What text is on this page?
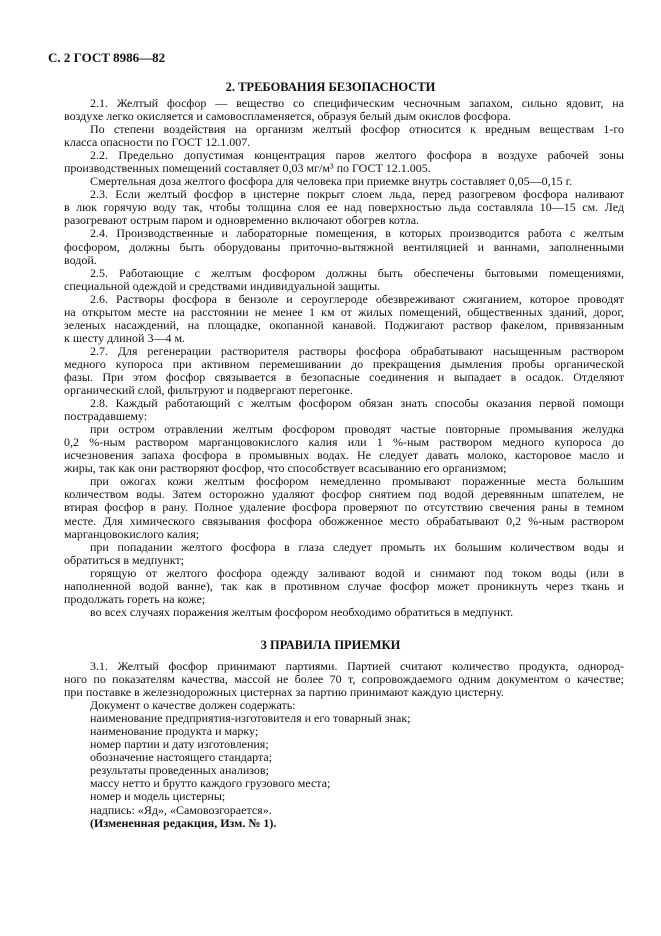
С. 2 ГОСТ 8986—82
2. ТРЕБОВАНИЯ БЕЗОПАСНОСТИ
2.1. Желтый фосфор — вещество со специфическим чесночным запахом, сильно ядовит, на
воздухе легко окисляется и самовоспламеняется, образуя белый дым окислов фосфора.
По степени воздействия на организм желтый фосфор относится к вредным веществам 1-го
класса опасности по ГОСТ 12.1.007.
2.2. Предельно допустимая концентрация паров желтого фосфора в воздухе рабочей зоны
производственных помещений составляет 0,03 мг/м³ по ГОСТ 12.1.005.
Смертельная доза желтого фосфора для человека при приемке внутрь составляет 0,05—0,15 г.
2.3. Если желтый фосфор в цистерне покрыт слоем льда, перед разогревом фосфора наливают
в люк горячую воду так, чтобы толщина слоя ее над поверхностью льда составляла 10—15 см. Лед
разогревают острым паром и одновременно включают обогрев котла.
2.4. Производственные и лабораторные помещения, в которых производится работа с желтым
фосфором, должны быть оборудованы приточно-вытяжной вентиляцией и ваннами, заполненными
водой.
2.5. Работающие с желтым фосфором должны быть обеспечены бытовыми помещениями,
специальной одеждой и средствами индивидуальной защиты.
2.6. Растворы фосфора в бензоле и сероуглероде обезвреживают сжиганием, которое проводят
на открытом месте на расстоянии не менее 1 км от жилых помещений, общественных зданий, дорог,
зеленых насаждений, на площадке, окопанной канавой. Поджигают раствор факелом, привязанным
к шесту длиной 3—4 м.
2.7. Для регенерации растворителя растворы фосфора обрабатывают насыщенным раствором
медного купороса при активном перемешивании до прекращения дымления пробы органической
фазы. При этом фосфор связывается в безопасные соединения и выпадает в осадок. Отделяют
органический слой, фильтруют и подвергают перегонке.
2.8. Каждый работающий с желтым фосфором обязан знать способы оказания первой помощи
пострадавшему:
при остром отравлении желтым фосфором проводят частые повторные промывания желудка
0,2 %-ным раствором марганцовокислого калия или 1 %-ным раствором медного купороса до
исчезновения запаха фосфора в промывных водах. Не следует давать молоко, касторовое масло и
жиры, так как они растворяют фосфор, что способствует всасыванию его организмом;
при ожогах кожи желтым фосфором немедленно промывают пораженные места большим
количеством воды. Затем осторожно удаляют фосфор снятием под водой деревянным шпателем, не
втирая фосфор в рану. Полное удаление фосфора проверяют по отсутствию свечения раны в темном
месте. Для химического связывания фосфора обожженное место обрабатывают 0,2 %-ным раствором
марганцовокислого калия;
при попадании желтого фосфора в глаза следует промыть их большим количеством воды и
обратиться в медпункт;
горящую от желтого фосфора одежду заливают водой и снимают под током воды (или в
наполненной водой ванне), так как в противном случае фосфор может проникнуть через ткань и
продолжать гореть на коже;
во всех случаях поражения желтым фосфором необходимо обратиться в медпункт.
3 ПРАВИЛА ПРИЕМКИ
3.1. Желтый фосфор принимают партиями. Партией считают количество продукта, однород-
ного по показателям качества, массой не более 70 т, сопровождаемого одним документом о качестве;
при поставке в железнодорожных цистернах за партию принимают каждую цистерну.
Документ о качестве должен содержать:
наименование предприятия-изготовителя и его товарный знак;
наименование продукта и марку;
номер партии и дату изготовления;
обозначение настоящего стандарта;
результаты проведенных анализов;
массу нетто и брутто каждого грузового места;
номер и модель цистерны;
надпись: «Яд», «Самовозгорается».
(Измененная редакция, Изм. № 1).
